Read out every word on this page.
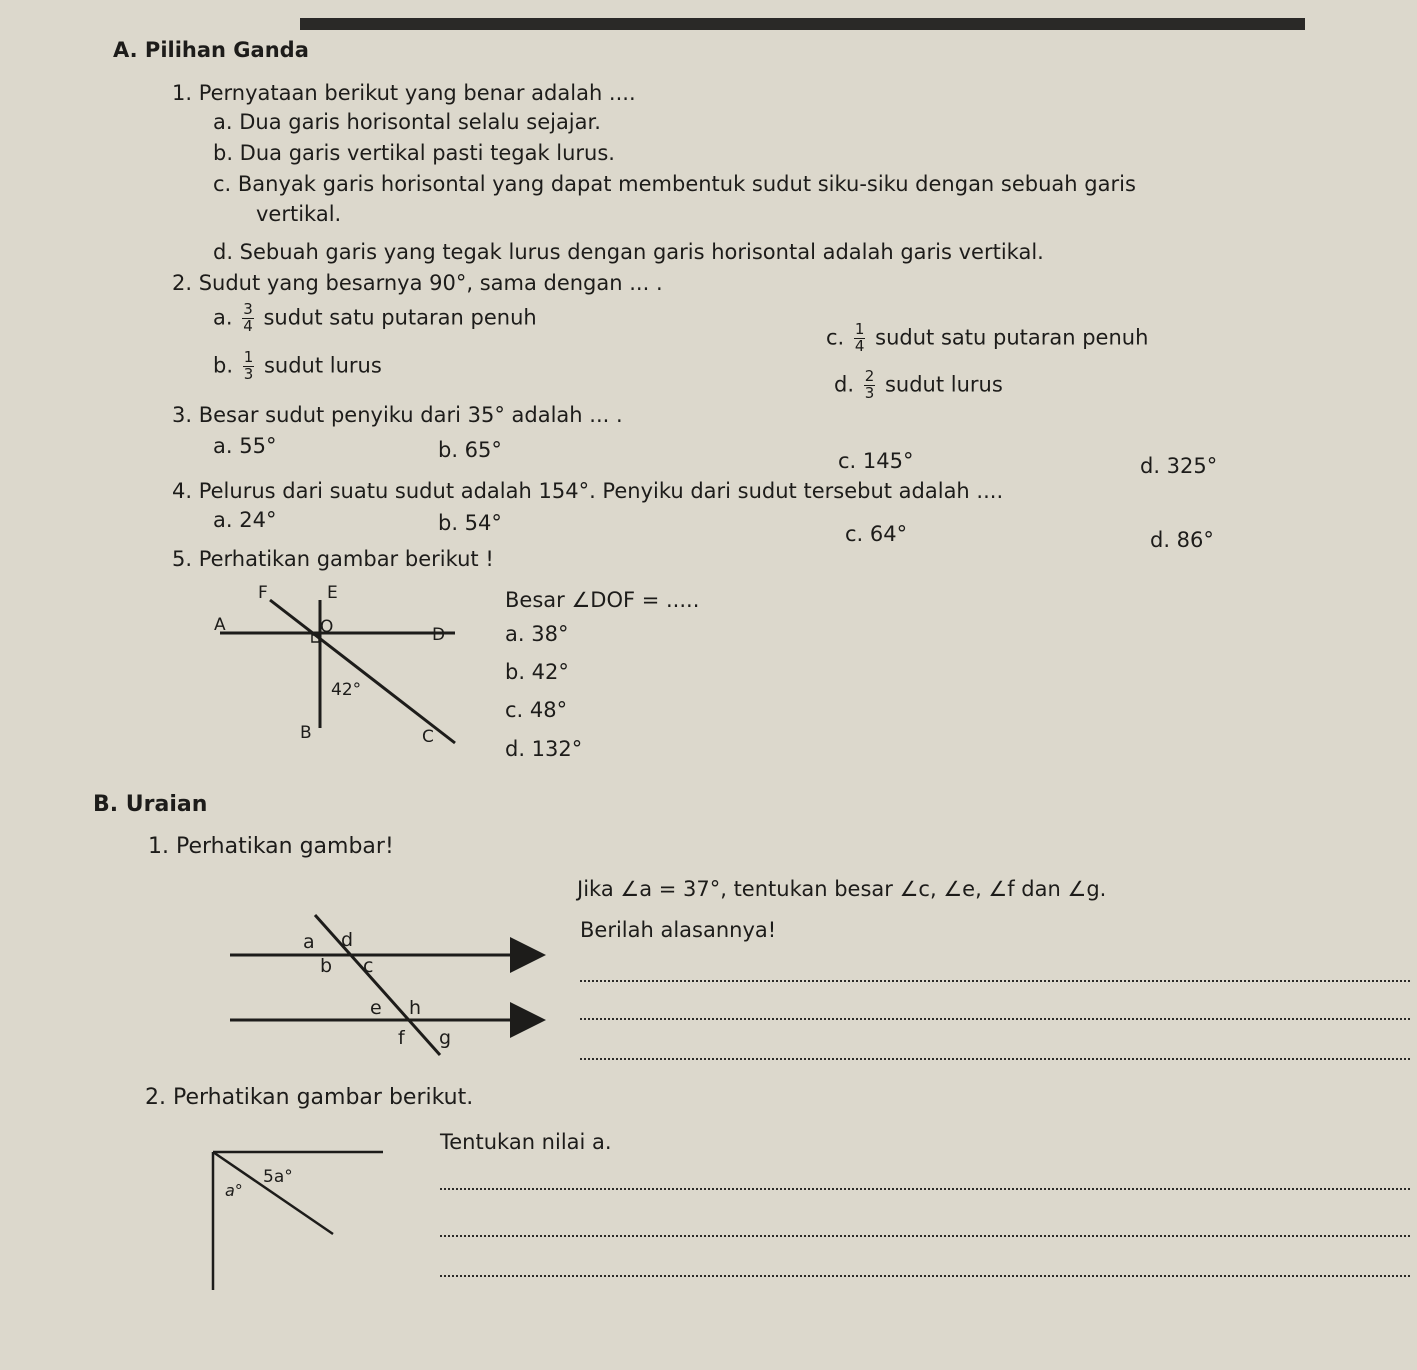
A. Pilihan Ganda
1. Pernyataan berikut yang benar adalah ....
a. Dua garis horisontal selalu sejajar.
b. Dua garis vertikal pasti tegak lurus.
c. Banyak garis horisontal yang dapat membentuk sudut siku-siku dengan sebuah garis
vertikal.
d. Sebuah garis yang tegak lurus dengan garis horisontal adalah garis vertikal.
2. Sudut yang besarnya 90°, sama dengan ... .
a. $\frac{3}{4}$ sudut satu putaran penuh
b. $\frac{1}{3}$ sudut lurus
c. $\frac{1}{4}$ sudut satu putaran penuh
d. $\frac{2}{3}$ sudut lurus
3. Besar sudut penyiku dari 35° adalah ... .
a. 55°	b. 65°	c. 145°	d. 325°
4. Pelurus dari suatu sudut adalah 154°. Penyiku dari sudut tersebut adalah ....
a. 24°	b. 54°	c. 64°	d. 86°
5. Perhatikan gambar berikut !
Besar ∠DOF = .....
a. 38°
b. 42°
c. 48°
d. 132°
F	E
A	O	D
42°
B	C
B. Uraian
1. Perhatikan gambar!
Jika ∠a = 37°, tentukan besar ∠c, ∠e, ∠f dan ∠g.
Berilah alasannya!
a d
b c
e h
f g
2. Perhatikan gambar berikut.
Tentukan nilai a.
5a°
a°
